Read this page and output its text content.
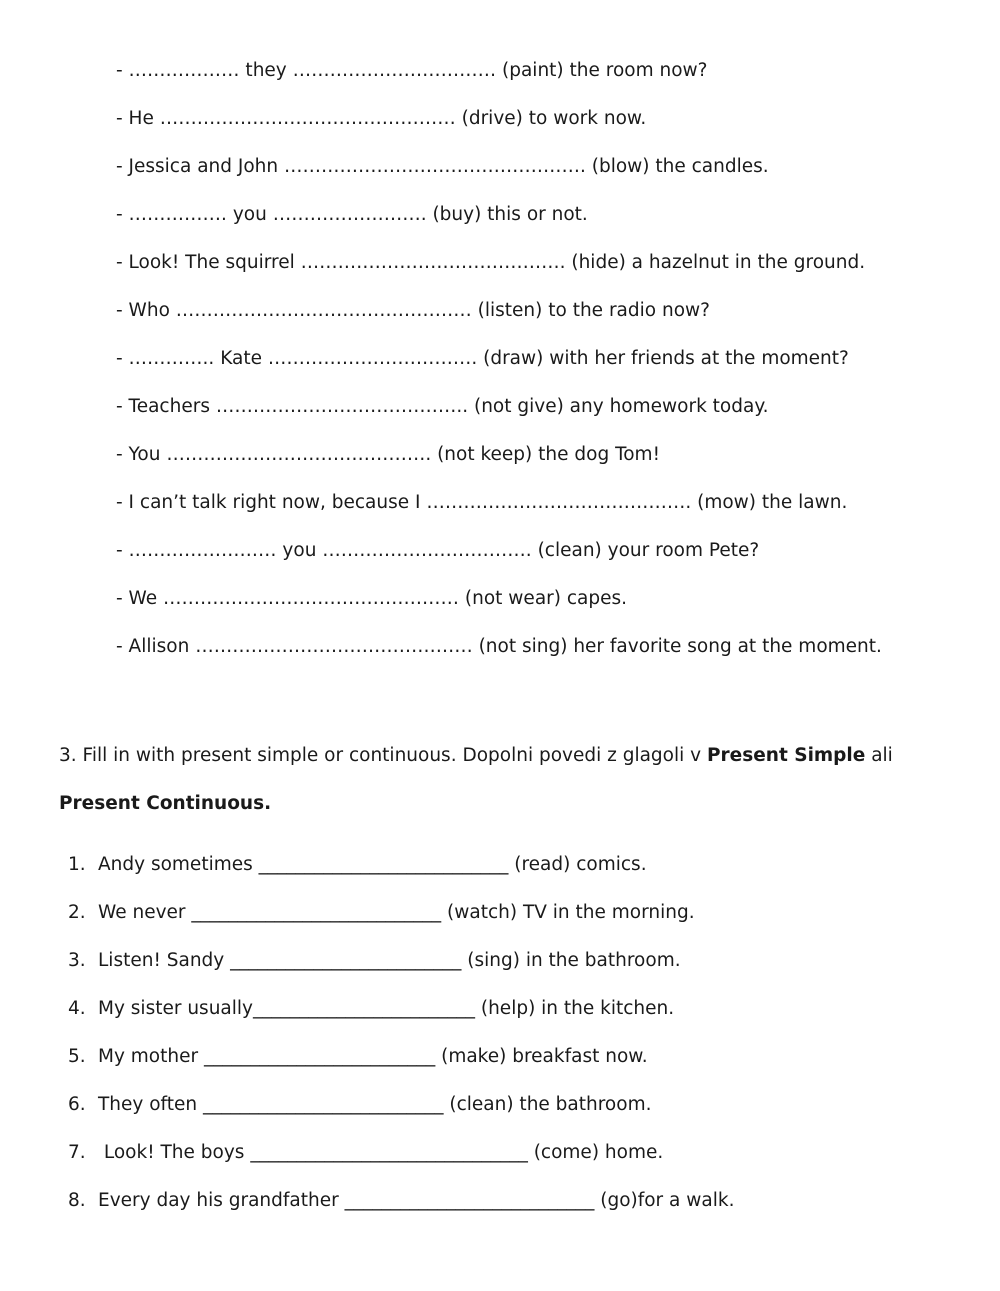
- ……………… they …………………………… (paint) the room now?
- He ………………………………………… (drive) to work now.
- Jessica and John …………………………………………. (blow) the candles.
- ……………. you ……………………. (buy) this or not.
- Look! The squirrel ……………………………………. (hide) a hazelnut in the ground.
- Who ………………………………………… (listen) to the radio now?
- ………….. Kate ……………………………. (draw) with her friends at the moment?
- Teachers ………………………………….. (not give) any homework today.
- You ……………………………………. (not keep) the dog Tom!
- I can’t talk right now, because I ……………………………………. (mow) the lawn.
- …………………… you ……………………………. (clean) your room Pete?
- We ………………………………………… (not wear) capes.
- Allison ……………………………………… (not sing) her favorite song at the moment.
3. Fill in with present simple or continuous. Dopolni povedi z glagoli v Present Simple ali
Present Continuous.
1. Andy sometimes ___________________________ (read) comics.
2. We never ___________________________ (watch) TV in the morning.
3. Listen! Sandy _________________________ (sing) in the bathroom.
4. My sister usually________________________ (help) in the kitchen.
5. My mother _________________________ (make) breakfast now.
6. They often __________________________ (clean) the bathroom.
7. Look! The boys ______________________________ (come) home.
8. Every day his grandfather ___________________________ (go)for a walk.
